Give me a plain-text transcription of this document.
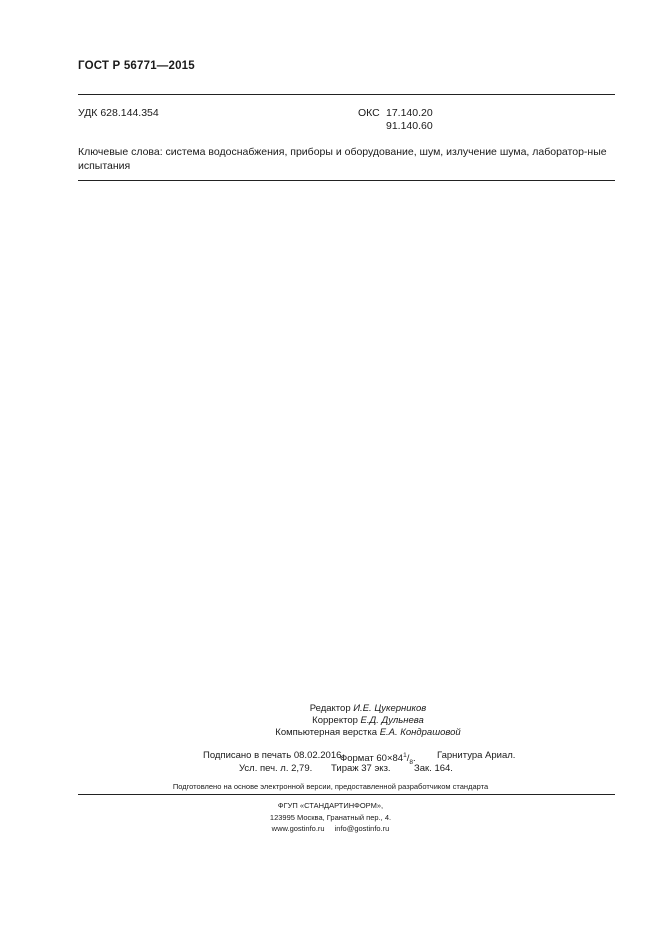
ГОСТ Р 56771—2015
УДК 628.144.354	ОКС 17.140.20
91.140.60
Ключевые слова: система водоснабжения, приборы и оборудование, шум, излучение шума, лаборатор-ные испытания
Редактор И.Е. Цукерников
Корректор Е.Д. Дульнева
Компьютерная верстка Е.А. Кондрашовой
Подписано в печать 08.02.2016.
Формат $60\times 84^1/_8$. Гарнитура Ариал.
Усл. печ. л. 2,79. Тираж 37 экз. Зак. 164.
Подготовлено на основе электронной версии, предоставленной разработчиком стандарта
ФГУП «СТАНДАРТИНФОРМ»,
123995 Москва, Гранатный пер., 4.
www.gostinfo.ru info@gostinfo.ru
